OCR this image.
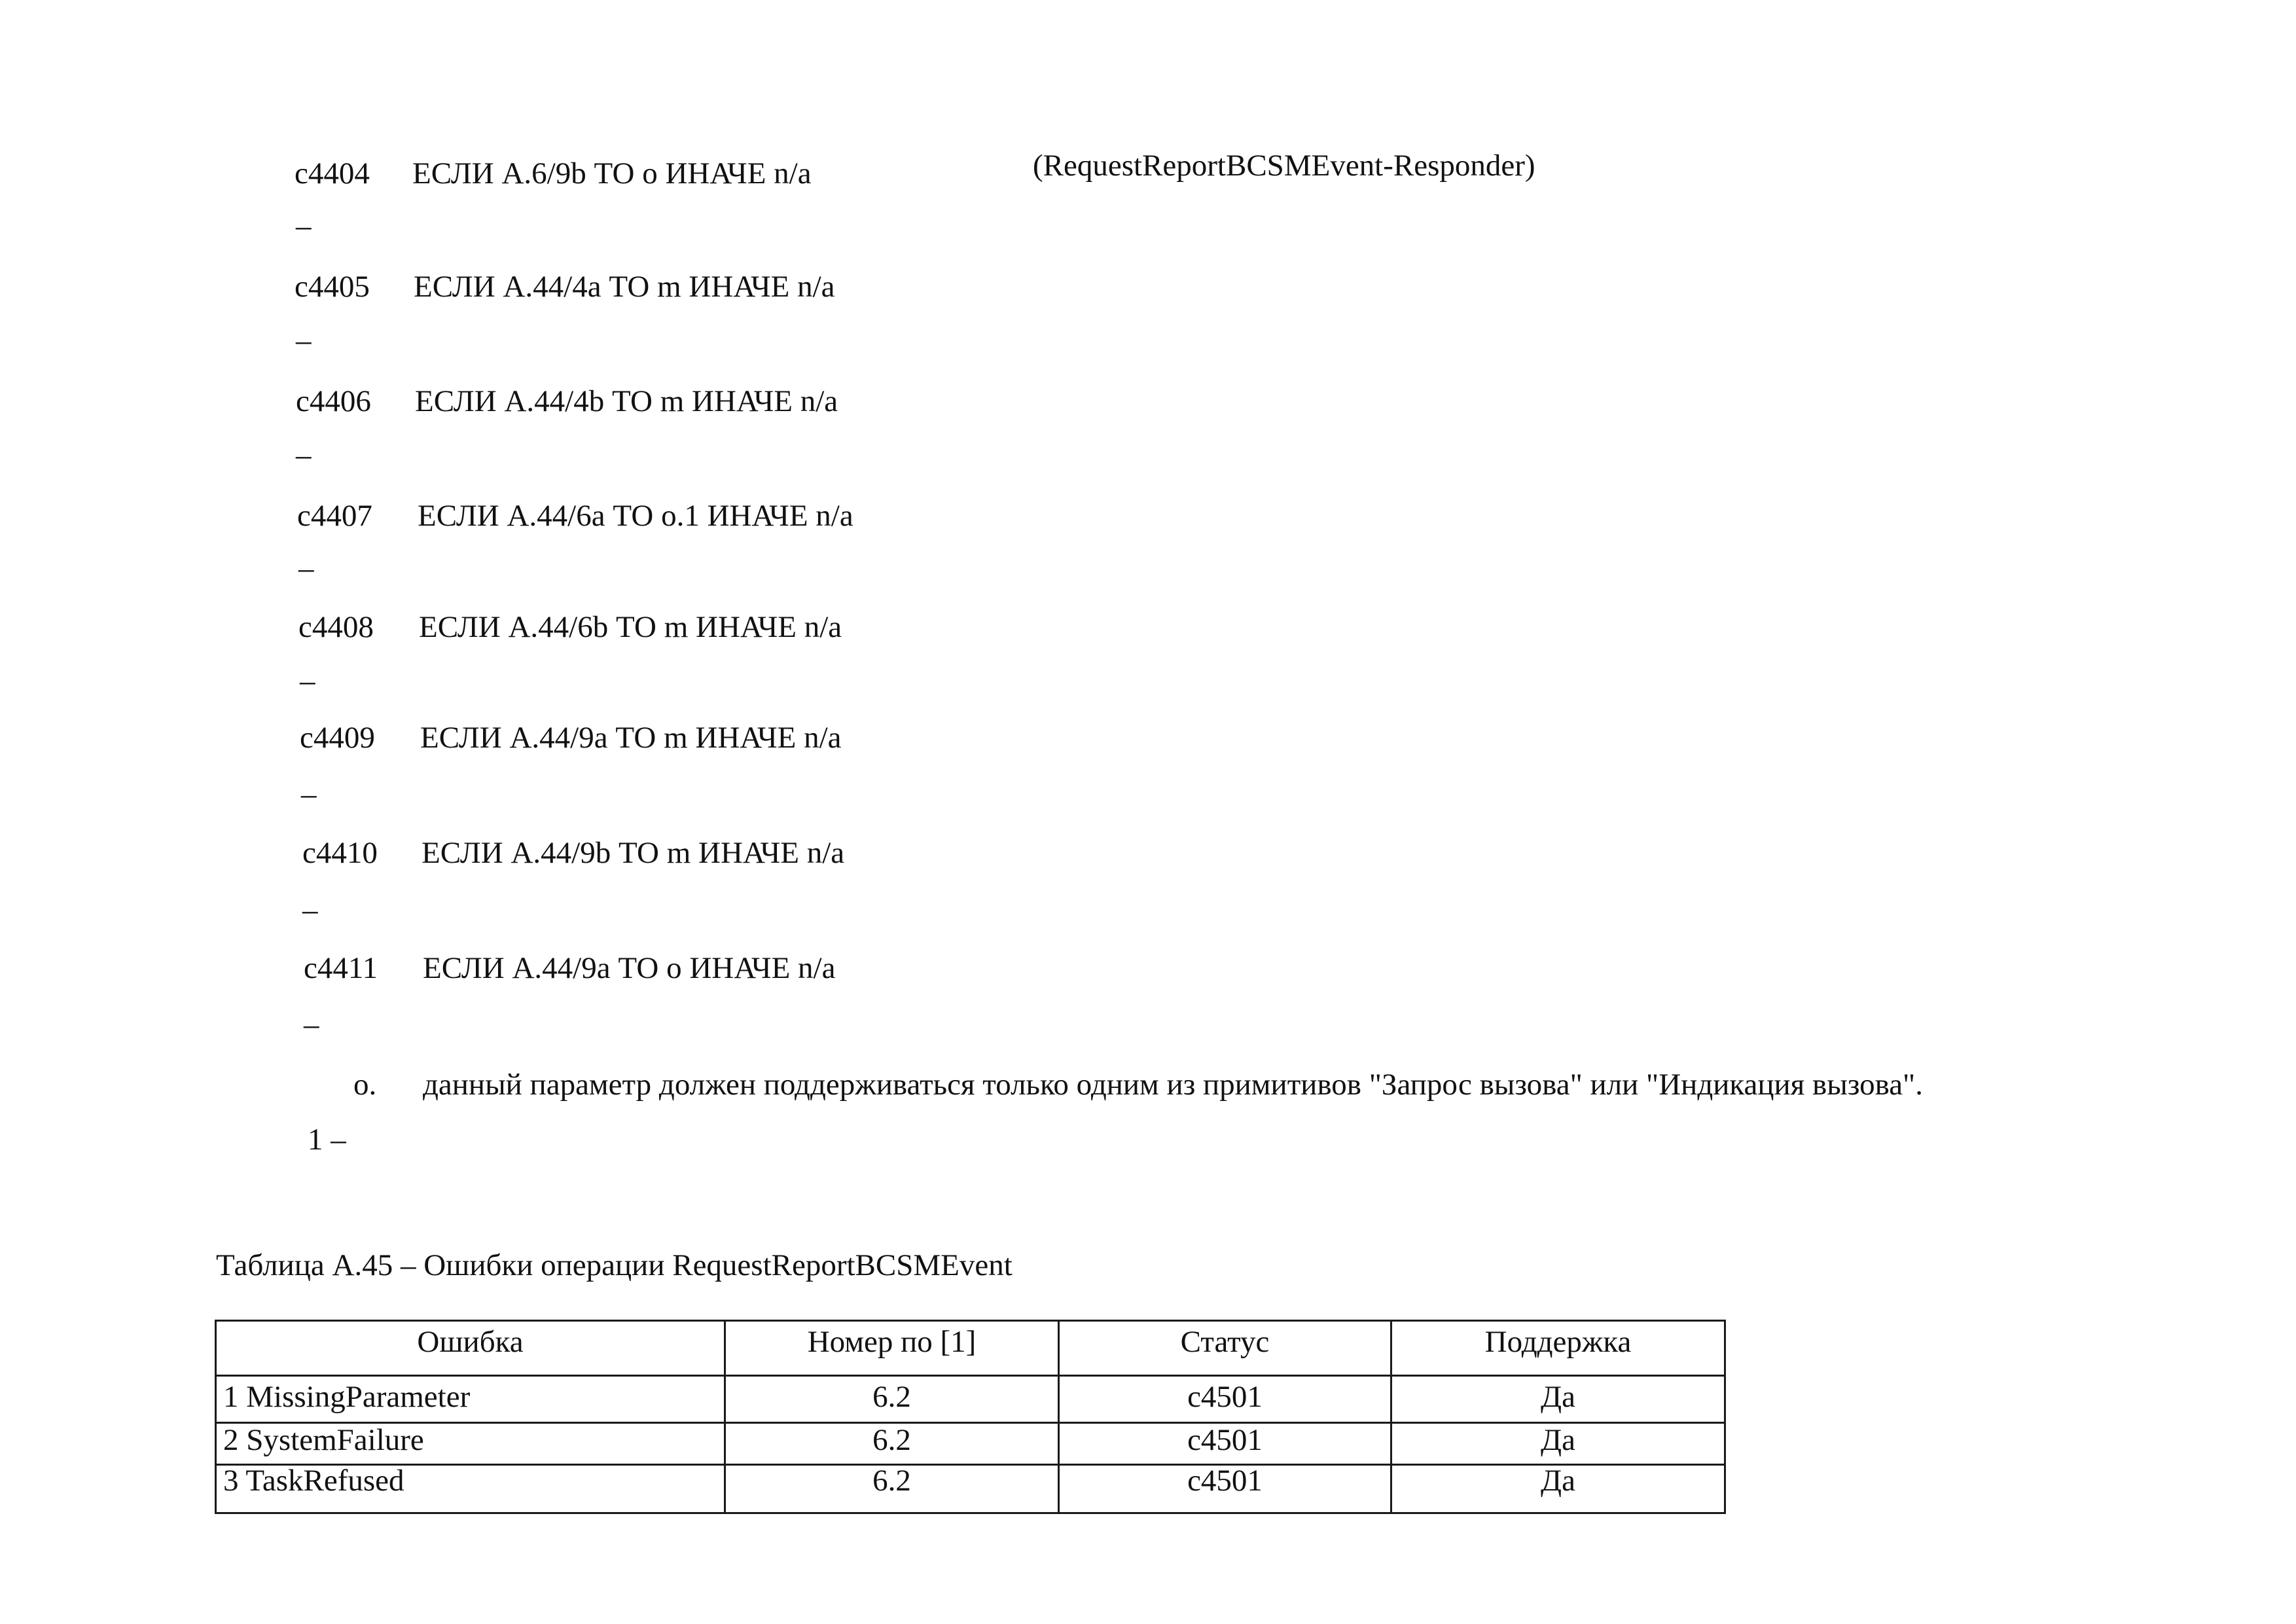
c4404 ЕСЛИ А.6/9b ТО o ИНАЧЕ n/a
–
c4405 ЕСЛИ А.44/4а ТО m ИНАЧЕ n/a
–
c4406 ЕСЛИ А.44/4b ТО m ИНАЧЕ n/a
–
c4407 ЕСЛИ А.44/6а ТО о.1 ИНАЧЕ n/a
–
c4408 ЕСЛИ А.44/6b ТО m ИНАЧЕ n/a
–
c4409 ЕСЛИ А.44/9а ТО m ИНАЧЕ n/a
–
c4410 ЕСЛИ А.44/9b ТО m ИНАЧЕ n/a
–
c4411 ЕСЛИ А.44/9а ТО о ИНАЧЕ n/a
–
(RequestReportBCSMEvent-Responder)
о. данный параметр должен поддерживаться только одним из примитивов "Запрос вызова" или "Индикация вызова".
1 –
Таблица А.45 – Ошибки операции RequestReportBCSMEvent
Ошибка	Номер по [1]	Статус	Поддержка
1 MissingParameter	6.2	c4501	Да
2 SystemFailure	6.2	c4501	Да
3 TaskRefused	6.2	c4501	Да
